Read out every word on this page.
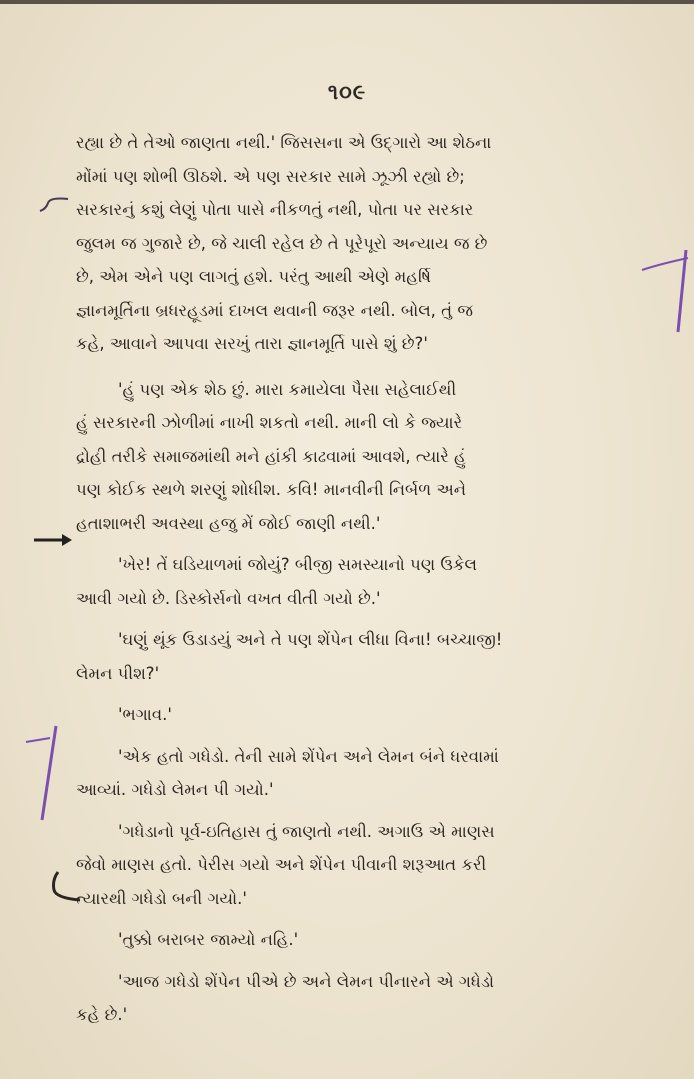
૧૦૯
રહ્યા છે તે તેઓ જાણતા નથી.' જિસસના એ ઉદ્‌ગારો આ શેઠના
મોંમાં પણ શોભી ઊઠશે. એ પણ સરકાર સામે ઝૂઝી રહ્યો છે;
સરકારનું કશું લેણું પોતા પાસે નીકળતું નથી, પોતા પર સરકાર
જુલમ જ ગુજારે છે, જે ચાલી રહેલ છે તે પૂરેપૂરો અન્યાય જ છે
છે, એમ એને પણ લાગતું હશે. પરંતુ આથી એણે મહર્ષિ
જ્ઞાનમૂર્તિના બ્રધરહૂડમાં દાખલ થવાની જરૂર નથી. બોલ, તું જ
કહે, આવાને આપવા સરખું તારા જ્ઞાનમૂર્તિ પાસે શું છે?'
'હું પણ એક શેઠ છું. મારા કમાયેલા પૈસા સહેલાઈથી
હું સરકારની ઝોળીમાં નાખી શકતો નથી. માની લો કે જ્યારે
દ્રોહી તરીકે સમાજમાંથી મને હાંકી કાઢવામાં આવશે, ત્યારે હું
પણ કોઈક સ્થળે શરણું શોધીશ. કવિ! માનવીની નિર્બળ અને
હતાશાભરી અવસ્થા હજુ મેં જોઈ જાણી નથી.'
'ખેર! તેં ઘડિયાળમાં જોયું? બીજી સમસ્યાનો પણ ઉકેલ
આવી ગયો છે. ડિસ્કોર્સનો વખત વીતી ગયો છે.'
'ઘણું થૂંક ઉડાડયું અને તે પણ શેંપેન લીધા વિના! બચ્ચાજી!
લેમન પીશ?'
'ભગાવ.'
'એક હતો ગધેડો. તેની સામે શેંપેન અને લેમન બંને ધરવામાં
આવ્યાં. ગધેડો લેમન પી ગયો.'
'ગધેડાનો પૂર્વ-ઇતિહાસ તું જાણતો નથી. અગાઉ એ માણસ
જેવો માણસ હતો. પેરીસ ગયો અને શેંપેન પીવાની શરૂઆત કરી
ત્યારથી ગધેડો બની ગયો.'
'તુક્કો બરાબર જામ્યો નહિ.'
'આજ ગધેડો શેંપેન પીએ છે અને લેમન પીનારને એ ગધેડો
કહે છે.'
